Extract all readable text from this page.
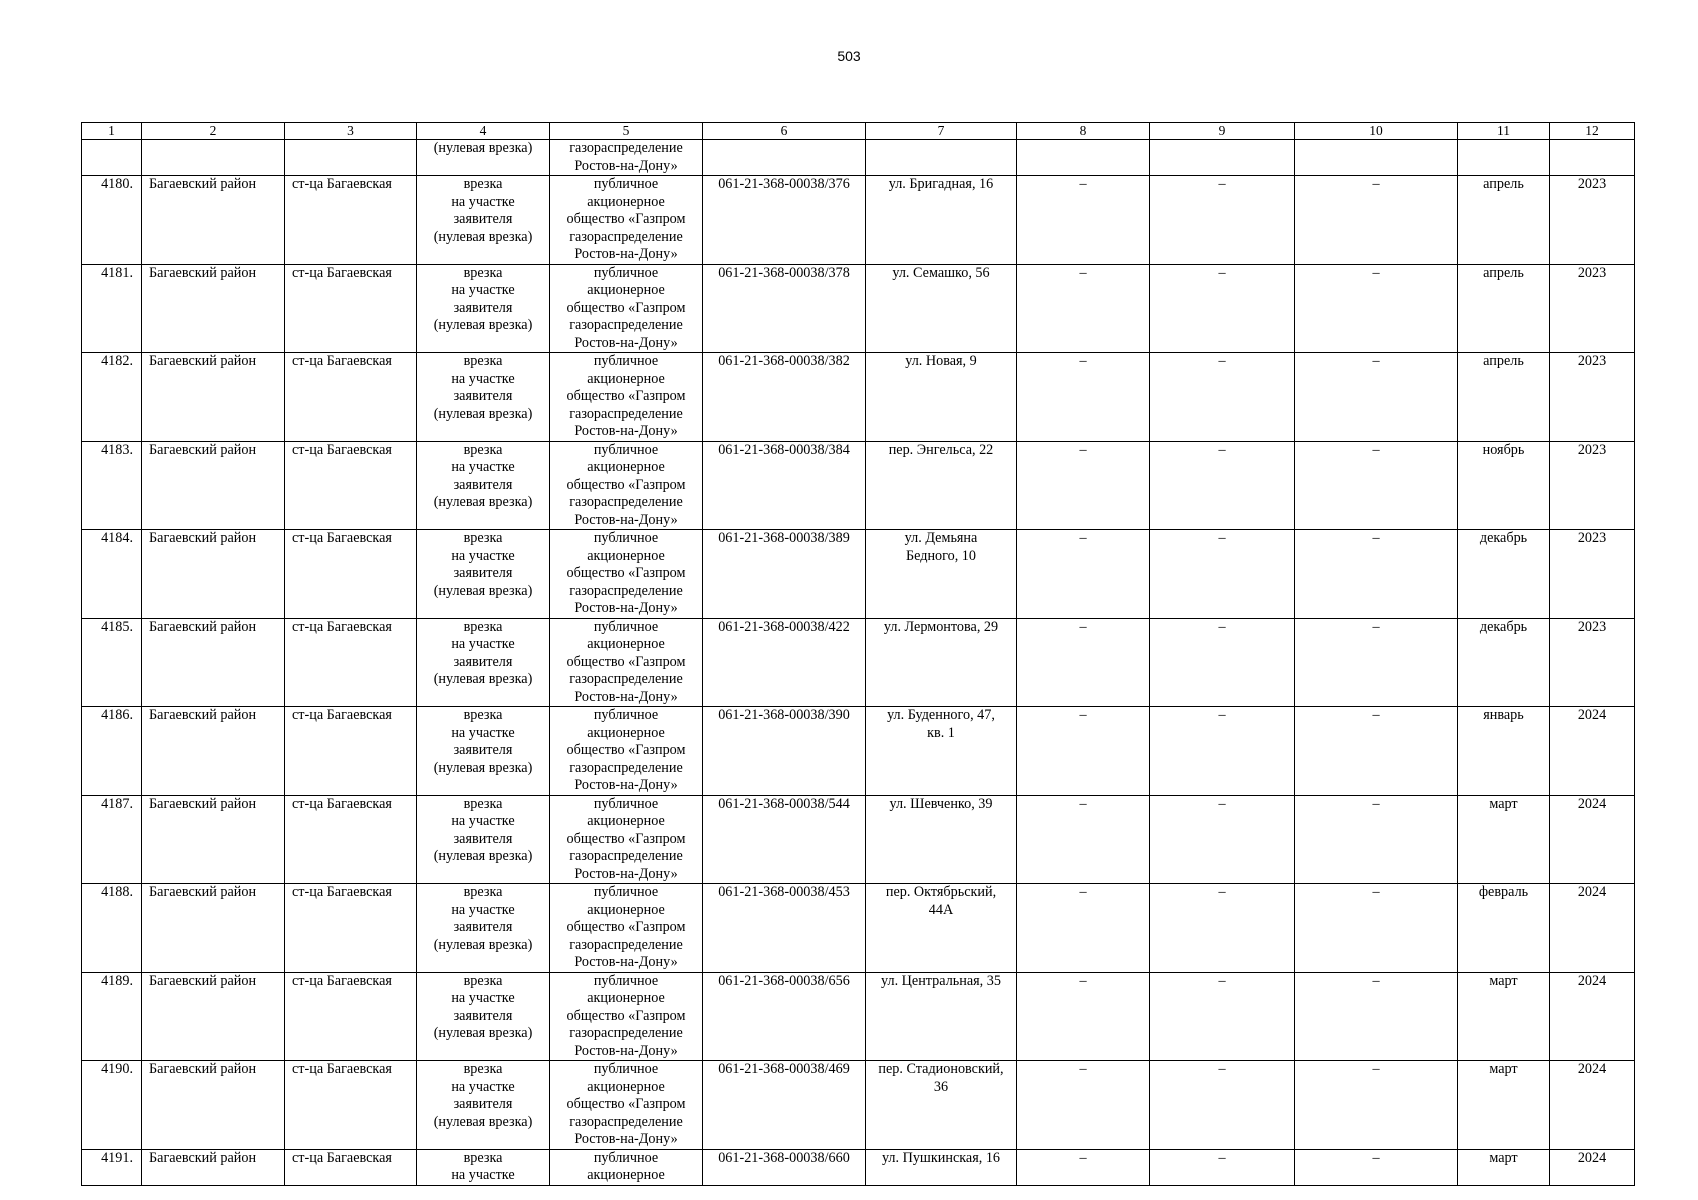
503
1	2	3	4	5	6	7	8	9	10	11	12

			(нулевая врезка)	газораспределение
Ростов-на-Дону»							

4180.	Багаевский район	ст-ца Багаевская	врезка
на участке
заявителя
(нулевая врезка)	публичное
акционерное
общество «Газпром
газораспределение
Ростов-на-Дону»	061-21-368-00038/376	ул. Бригадная, 16	–	–	–	апрель	2023
4181.	Багаевский район	ст-ца Багаевская	врезка
на участке
заявителя
(нулевая врезка)	публичное
акционерное
общество «Газпром
газораспределение
Ростов-на-Дону»	061-21-368-00038/378	ул. Семашко, 56	–	–	–	апрель	2023
4182.	Багаевский район	ст-ца Багаевская	врезка
на участке
заявителя
(нулевая врезка)	публичное
акционерное
общество «Газпром
газораспределение
Ростов-на-Дону»	061-21-368-00038/382	ул. Новая, 9	–	–	–	апрель	2023
4183.	Багаевский район	ст-ца Багаевская	врезка
на участке
заявителя
(нулевая врезка)	публичное
акционерное
общество «Газпром
газораспределение
Ростов-на-Дону»	061-21-368-00038/384	пер. Энгельса, 22	–	–	–	ноябрь	2023
4184.	Багаевский район	ст-ца Багаевская	врезка
на участке
заявителя
(нулевая врезка)	публичное
акционерное
общество «Газпром
газораспределение
Ростов-на-Дону»	061-21-368-00038/389	ул. Демьяна
Бедного, 10	–	–	–	декабрь	2023
4185.	Багаевский район	ст-ца Багаевская	врезка
на участке
заявителя
(нулевая врезка)	публичное
акционерное
общество «Газпром
газораспределение
Ростов-на-Дону»	061-21-368-00038/422	ул. Лермонтова, 29	–	–	–	декабрь	2023
4186.	Багаевский район	ст-ца Багаевская	врезка
на участке
заявителя
(нулевая врезка)	публичное
акционерное
общество «Газпром
газораспределение
Ростов-на-Дону»	061-21-368-00038/390	ул. Буденного, 47,
кв. 1	–	–	–	январь	2024
4187.	Багаевский район	ст-ца Багаевская	врезка
на участке
заявителя
(нулевая врезка)	публичное
акционерное
общество «Газпром
газораспределение
Ростов-на-Дону»	061-21-368-00038/544	ул. Шевченко, 39	–	–	–	март	2024
4188.	Багаевский район	ст-ца Багаевская	врезка
на участке
заявителя
(нулевая врезка)	публичное
акционерное
общество «Газпром
газораспределение
Ростов-на-Дону»	061-21-368-00038/453	пер. Октябрьский,
44А	–	–	–	февраль	2024
4189.	Багаевский район	ст-ца Багаевская	врезка
на участке
заявителя
(нулевая врезка)	публичное
акционерное
общество «Газпром
газораспределение
Ростов-на-Дону»	061-21-368-00038/656	ул. Центральная, 35	–	–	–	март	2024
4190.	Багаевский район	ст-ца Багаевская	врезка
на участке
заявителя
(нулевая врезка)	публичное
акционерное
общество «Газпром
газораспределение
Ростов-на-Дону»	061-21-368-00038/469	пер. Стадионовский,
36	–	–	–	март	2024
4191.	Багаевский район	ст-ца Багаевская	врезка
на участке	публичное
акционерное	061-21-368-00038/660	ул. Пушкинская, 16	–	–	–	март	2024
